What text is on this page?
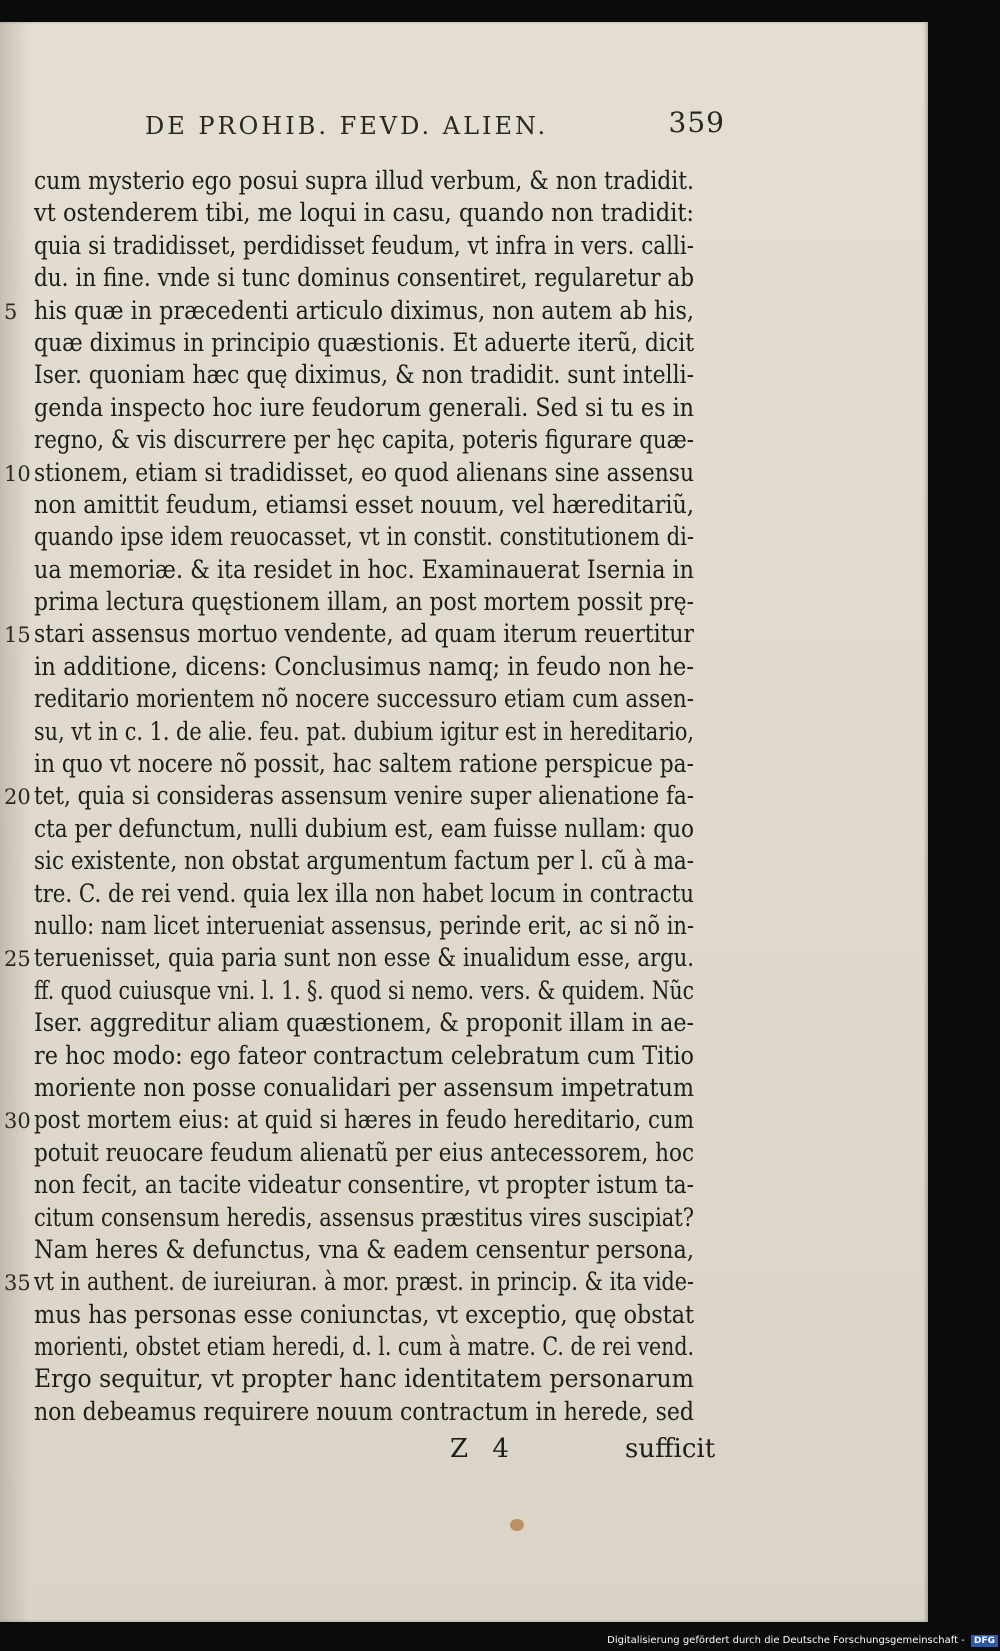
DE PROHIB. FEVD. ALIEN.	359
cum mysterio ego posui supra illud verbum, & non tradidit.
vt ostenderem tibi, me loqui in casu, quando non tradidit:
quia si tradidisset, perdidisset feudum, vt infra in vers. calli-
du. in fine. vnde si tunc dominus consentiret, regularetur ab
5 his quæ in præcedenti articulo diximus, non autem ab his,
quæ diximus in principio quæstionis. Et aduerte iterũ, dicit
Iser. quoniam hæc quę diximus, & non tradidit. sunt intelli-
genda inspecto hoc iure feudorum generali. Sed si tu es in
regno, & vis discurrere per hęc capita, poteris figurare quæ-
10 stionem, etiam si tradidisset, eo quod alienans sine assensu
non amittit feudum, etiamsi esset nouum, vel hæreditariũ,
quando ipse idem reuocasset, vt in constit. constitutionem di-
ua memoriæ. & ita residet in hoc. Examinauerat Isernia in
prima lectura quęstionem illam, an post mortem possit prę-
15 stari assensus mortuo vendente, ad quam iterum reuertitur
in additione, dicens: Conclusimus namq; in feudo non he-
reditario morientem nõ nocere successuro etiam cum assen-
su, vt in c. 1. de alie. feu. pat. dubium igitur est in hereditario,
in quo vt nocere nõ possit, hac saltem ratione perspicue pa-
20 tet, quia si consideras assensum venire super alienatione fa-
cta per defunctum, nulli dubium est, eam fuisse nullam: quo
sic existente, non obstat argumentum factum per l. cũ à ma-
tre. C. de rei vend. quia lex illa non habet locum in contractu
nullo: nam licet interueniat assensus, perinde erit, ac si nõ in-
25 teruenisset, quia paria sunt non esse & inualidum esse, argu.
ff. quod cuiusque vni. l. 1. §. quod si nemo. vers. & quidem. Nũc
Iser. aggreditur aliam quæstionem, & proponit illam in ae-
re hoc modo: ego fateor contractum celebratum cum Titio
moriente non posse conualidari per assensum impetratum
30 post mortem eius: at quid si hæres in feudo hereditario, cum
potuit reuocare feudum alienatũ per eius antecessorem, hoc
non fecit, an tacite videatur consentire, vt propter istum ta-
citum consensum heredis, assensus præstitus vires suscipiat?
Nam heres & defunctus, vna & eadem censentur persona,
35 vt in authent. de iureiuran. à mor. præst. in princip. & ita vide-
mus has personas esse coniunctas, vt exceptio, quę obstat
morienti, obstet etiam heredi, d. l. cum à matre. C. de rei vend.
Ergo sequitur, vt propter hanc identitatem personarum
non debeamus requirere nouum contractum in herede, sed
Z 4	sufficit
Digitalisierung gefördert durch die Deutsche Forschungsgemeinschaft - DFG
